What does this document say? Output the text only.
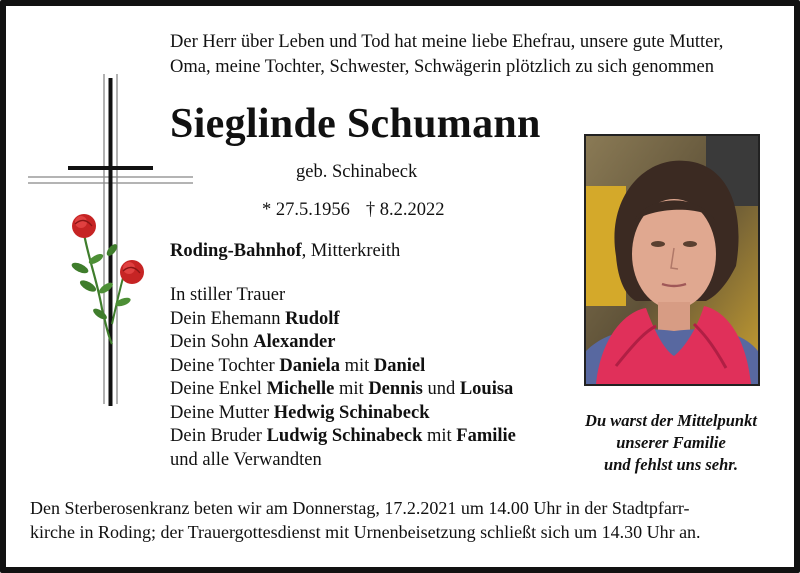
Der Herr über Leben und Tod hat meine liebe Ehefrau, unsere gute Mutter,
Oma, meine Tochter, Schwester, Schwägerin plötzlich zu sich genommen
Sieglinde Schumann
geb. Schinabeck
* 27.5.1956 † 8.2.2022
Roding-Bahnhof, Mitterkreith
In stiller Trauer
Dein Ehemann Rudolf
Dein Sohn Alexander
Deine Tochter Daniela mit Daniel
Deine Enkel Michelle mit Dennis und Louisa
Deine Mutter Hedwig Schinabeck
Dein Bruder Ludwig Schinabeck mit Familie
und alle Verwandten
Du warst der Mittelpunkt
unserer Familie
und fehlst uns sehr.
Den Sterberosenkranz beten wir am Donnerstag, 17.2.2021 um 14.00 Uhr in der Stadtpfarr-
kirche in Roding; der Trauergottesdienst mit Urnenbeisetzung schließt sich um 14.30 Uhr an.
